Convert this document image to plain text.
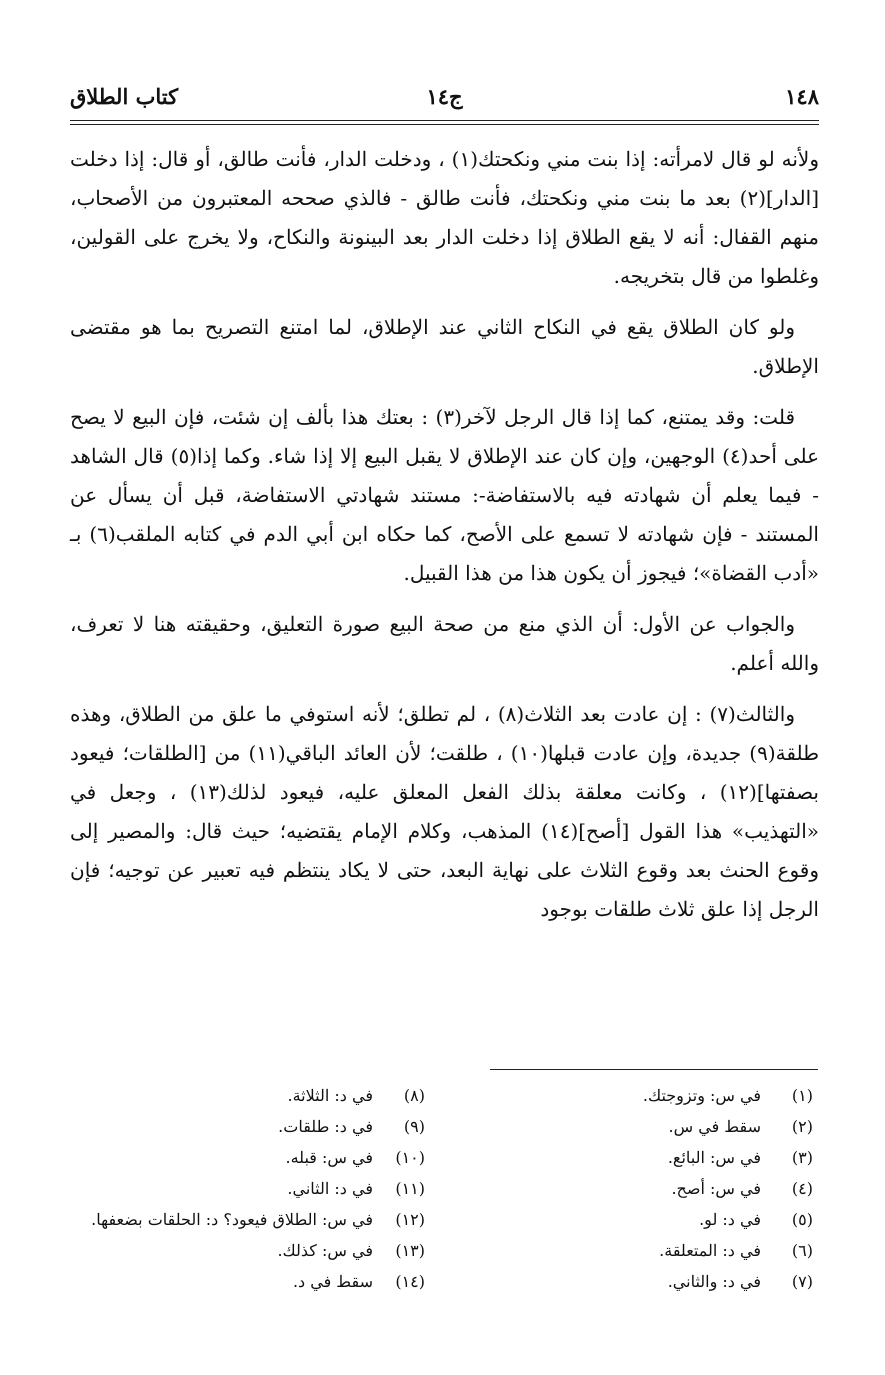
١٤٨
ج١٤
كتاب الطلاق

ولأنه لو قال لامرأته: إذا بنت مني ونكحتك(١) ، ودخلت الدار، فأنت طالق، أو قال: إذا دخلت [الدار](٢) بعد ما بنت مني ونكحتك، فأنت طالق - فالذي صححه المعتبرون من الأصحاب، منهم القفال: أنه لا يقع الطلاق إذا دخلت الدار بعد البينونة والنكاح، ولا يخرج على القولين، وغلطوا من قال بتخريجه.

ولو كان الطلاق يقع في النكاح الثاني عند الإطلاق، لما امتنع التصريح بما هو مقتضى الإطلاق.

قلت: وقد يمتنع، كما إذا قال الرجل لآخر(٣) : بعتك هذا بألف إن شئت، فإن البيع لا يصح على أحد(٤) الوجهين، وإن كان عند الإطلاق لا يقبل البيع إلا إذا شاء. وكما إذا(٥) قال الشاهد - فيما يعلم أن شهادته فيه بالاستفاضة-: مستند شهادتي الاستفاضة، قبل أن يسأل عن المستند - فإن شهادته لا تسمع على الأصح، كما حكاه ابن أبي الدم في كتابه الملقب(٦) بـ «أدب القضاة»؛ فيجوز أن يكون هذا من هذا القبيل.

والجواب عن الأول: أن الذي منع من صحة البيع صورة التعليق، وحقيقته هنا لا تعرف، والله أعلم.

والثالث(٧) : إن عادت بعد الثلاث(٨) ، لم تطلق؛ لأنه استوفي ما علق من الطلاق، وهذه طلقة(٩) جديدة، وإن عادت قبلها(١٠) ، طلقت؛ لأن العائد الباقي(١١) من [الطلقات؛ فيعود بصفتها](١٢) ، وكانت معلقة بذلك الفعل المعلق عليه، فيعود لذلك(١٣) ، وجعل في «التهذيب» هذا القول [أصح](١٤) المذهب، وكلام الإمام يقتضيه؛ حيث قال: والمصير إلى وقوع الحنث بعد وقوع الثلاث على نهاية البعد، حتى لا يكاد ينتظم فيه تعبير عن توجيه؛ فإن الرجل إذا علق ثلاث طلقات بوجود

(١)في س: وتزوجتك.
(٢)سقط في س.
(٣)في س: البائع.
(٤)في س: أصح.
(٥)في د: لو.
(٦)في د: المتعلقة.
(٧)في د: والثاني.
(٨)في د: الثلاثة.
(٩)في د: طلقات.
(١٠)في س: قبله.
(١١)في د: الثاني.
(١٢)في س: الطلاق فيعود؟ د: الحلقات بضعفها.
(١٣)في س: كذلك.
(١٤)سقط في د.
